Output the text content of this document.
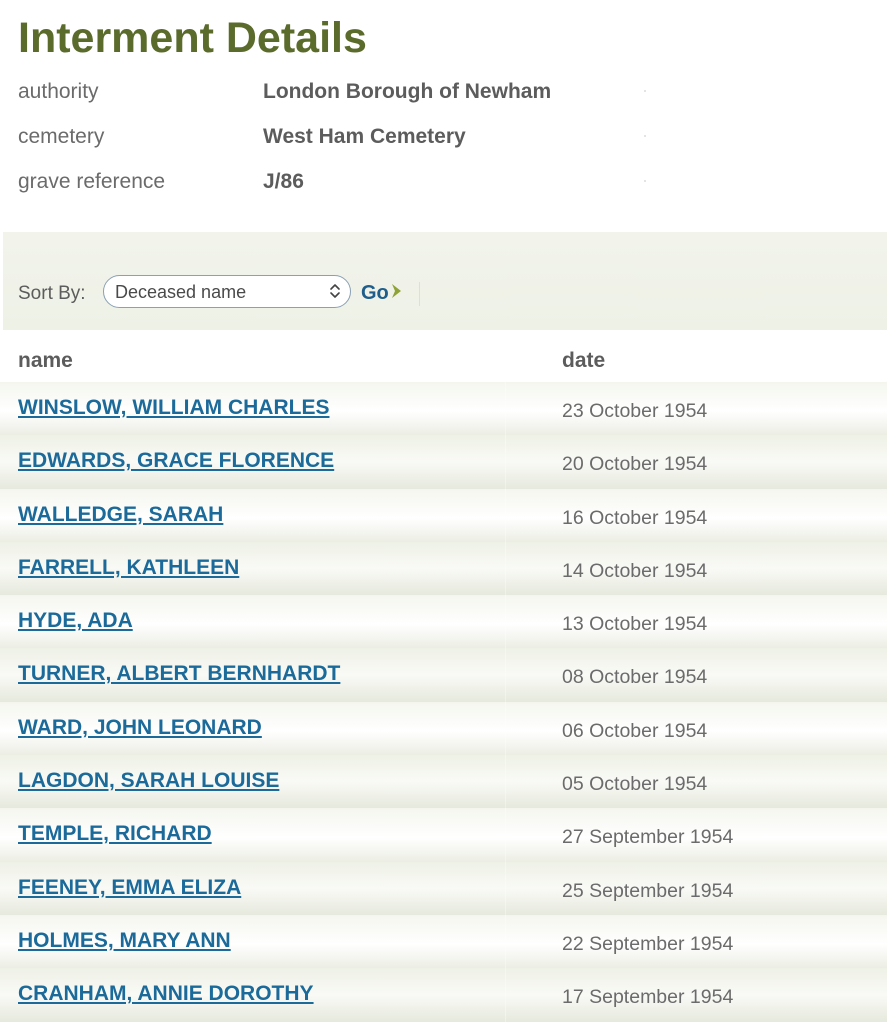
Interment Details
authority	London Borough of Newham
cemetery	West Ham Cemetery
grave reference	J/86
Sort By: Deceased name	Go
name	date
WINSLOW, WILLIAM CHARLES	23 October 1954
EDWARDS, GRACE FLORENCE	20 October 1954
WALLEDGE, SARAH	16 October 1954
FARRELL, KATHLEEN	14 October 1954
HYDE, ADA	13 October 1954
TURNER, ALBERT BERNHARDT	08 October 1954
WARD, JOHN LEONARD	06 October 1954
LAGDON, SARAH LOUISE	05 October 1954
TEMPLE, RICHARD	27 September 1954
FEENEY, EMMA ELIZA	25 September 1954
HOLMES, MARY ANN	22 September 1954
CRANHAM, ANNIE DOROTHY	17 September 1954
